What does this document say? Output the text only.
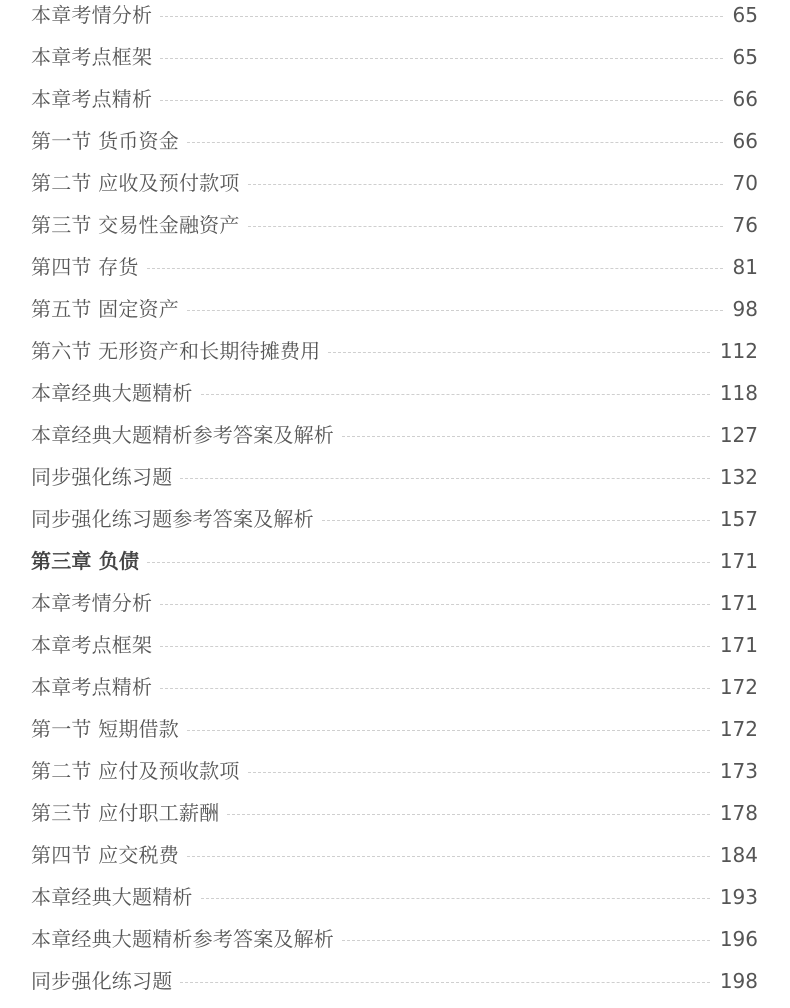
本章考情分析	65
本章考点框架	65
本章考点精析	66
第一节 货币资金	66
第二节 应收及预付款项	70
第三节 交易性金融资产	76
第四节 存货	81
第五节 固定资产	98
第六节 无形资产和长期待摊费用	112
本章经典大题精析	118
本章经典大题精析参考答案及解析	127
同步强化练习题	132
同步强化练习题参考答案及解析	157
第三章 负债	171
本章考情分析	171
本章考点框架	171
本章考点精析	172
第一节 短期借款	172
第二节 应付及预收款项	173
第三节 应付职工薪酬	178
第四节 应交税费	184
本章经典大题精析	193
本章经典大题精析参考答案及解析	196
同步强化练习题	198
